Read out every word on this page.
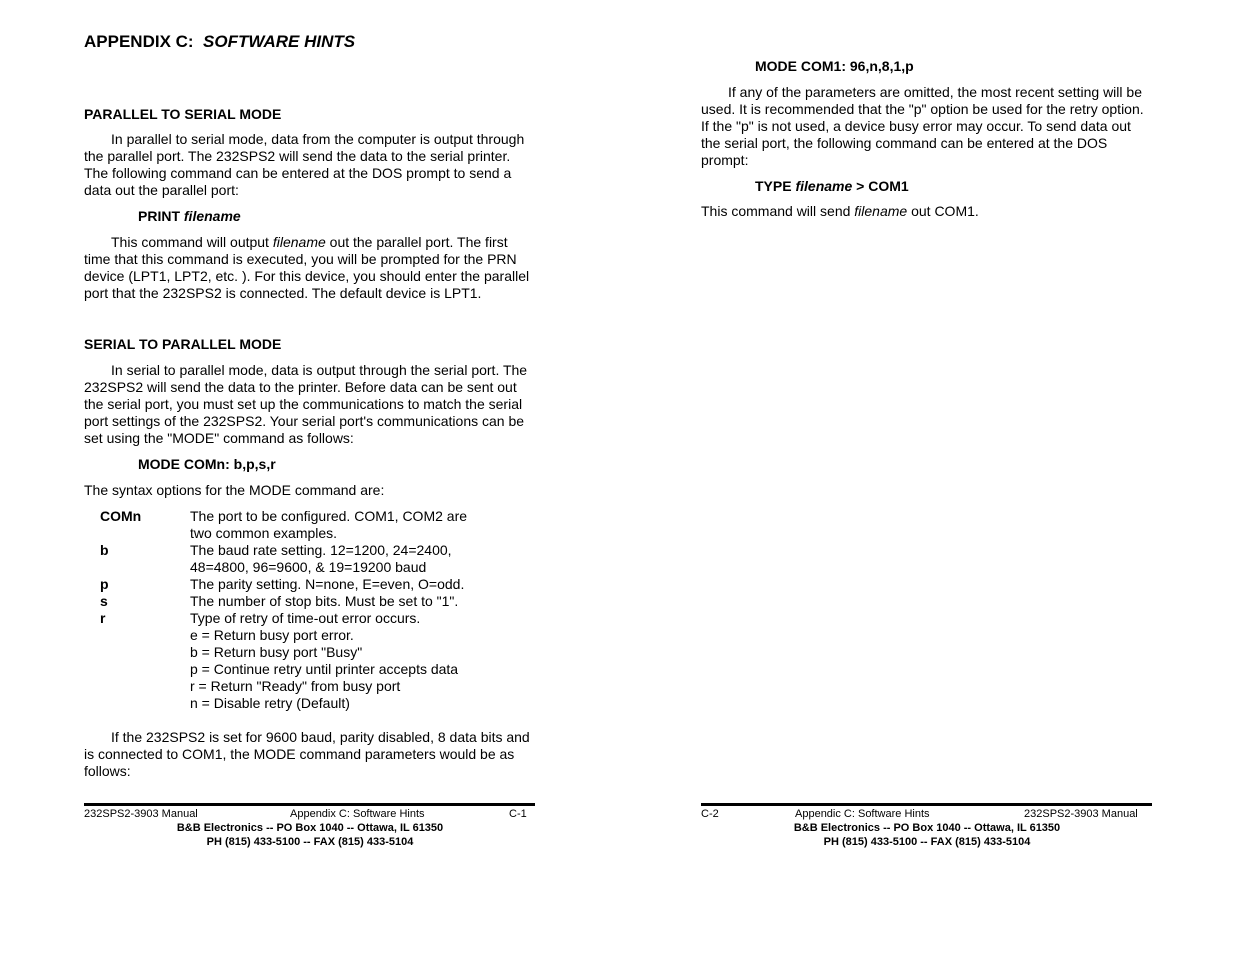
APPENDIX C: SOFTWARE HINTS
PARALLEL TO SERIAL MODE
In parallel to serial mode, data from the computer is output through the parallel port. The 232SPS2 will send the data to the serial printer. The following command can be entered at the DOS prompt to send a data out the parallel port:
PRINT filename
This command will output filename out the parallel port. The first time that this command is executed, you will be prompted for the PRN device (LPT1, LPT2, etc. ). For this device, you should enter the parallel port that the 232SPS2 is connected. The default device is LPT1.
SERIAL TO PARALLEL MODE
In serial to parallel mode, data is output through the serial port. The 232SPS2 will send the data to the printer. Before data can be sent out the serial port, you must set up the communications to match the serial port settings of the 232SPS2. Your serial port's communications can be set using the "MODE" command as follows:
MODE COMn: b,p,s,r
The syntax options for the MODE command are:
COMn	The port to be configured. COM1, COM2 are
two common examples.
b	The baud rate setting. 12=1200, 24=2400,
48=4800, 96=9600, & 19=19200 baud
p	The parity setting. N=none, E=even, O=odd.
s	The number of stop bits. Must be set to "1".
r	Type of retry of time-out error occurs.
e = Return busy port error.
b = Return busy port "Busy"
p = Continue retry until printer accepts data
r = Return "Ready" from busy port
n = Disable retry (Default)
If the 232SPS2 is set for 9600 baud, parity disabled, 8 data bits and is connected to COM1, the MODE command parameters would be as follows:
232SPS2-3903 Manual	Appendix C: Software Hints	C-1
B&B Electronics -- PO Box 1040 -- Ottawa, IL 61350
PH (815) 433-5100 -- FAX (815) 433-5104
MODE COM1: 96,n,8,1,p
If any of the parameters are omitted, the most recent setting will be used. It is recommended that the "p" option be used for the retry option. If the "p" is not used, a device busy error may occur. To send data out the serial port, the following command can be entered at the DOS prompt:
TYPE filename > COM1
This command will send filename out COM1.
C-2	Appendic C: Software Hints	232SPS2-3903 Manual
B&B Electronics -- PO Box 1040 -- Ottawa, IL 61350
PH (815) 433-5100 -- FAX (815) 433-5104
